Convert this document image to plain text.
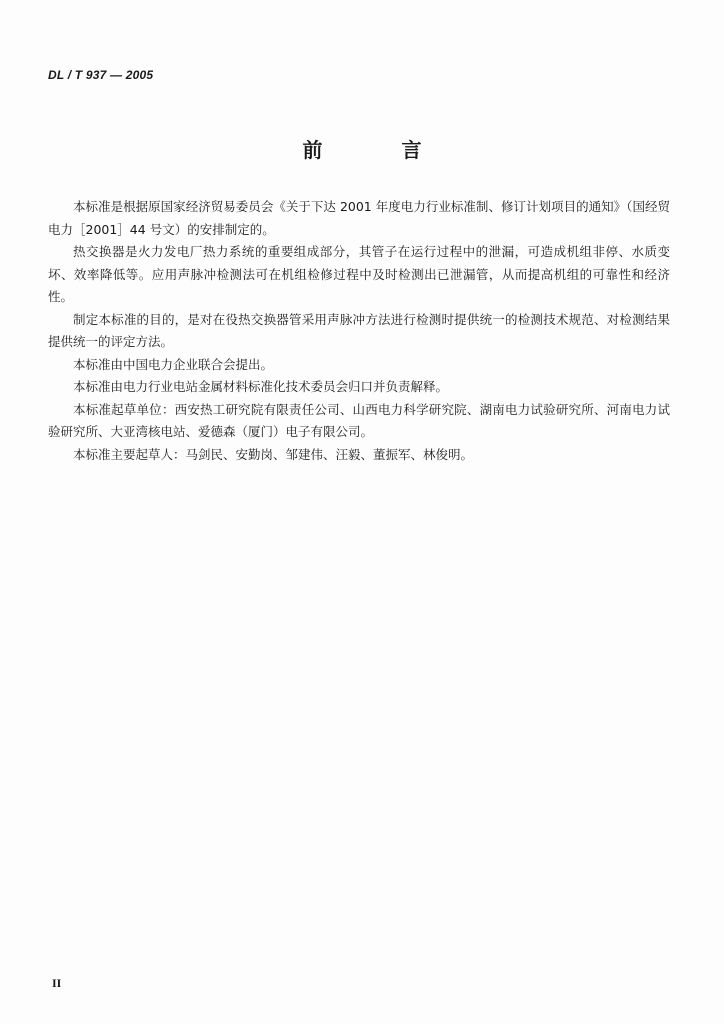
DL / T 937 — 2005
前 言

本标准是根据原国家经济贸易委员会《关于下达 2001 年度电力行业标准制、修订计划项目的通知》（国经贸电力［2001］44 号文）的安排制定的。

热交换器是火力发电厂热力系统的重要组成部分，其管子在运行过程中的泄漏，可造成机组非停、水质变坏、效率降低等。应用声脉冲检测法可在机组检修过程中及时检测出已泄漏管，从而提高机组的可靠性和经济性。

制定本标准的目的，是对在役热交换器管采用声脉冲方法进行检测时提供统一的检测技术规范、对检测结果提供统一的评定方法。

本标准由中国电力企业联合会提出。

本标准由电力行业电站金属材料标准化技术委员会归口并负责解释。

本标准起草单位：西安热工研究院有限责任公司、山西电力科学研究院、湖南电力试验研究所、河南电力试验研究所、大亚湾核电站、爱德森（厦门）电子有限公司。

本标准主要起草人：马剑民、安勤岗、邹建伟、汪毅、董振军、林俊明。

II
